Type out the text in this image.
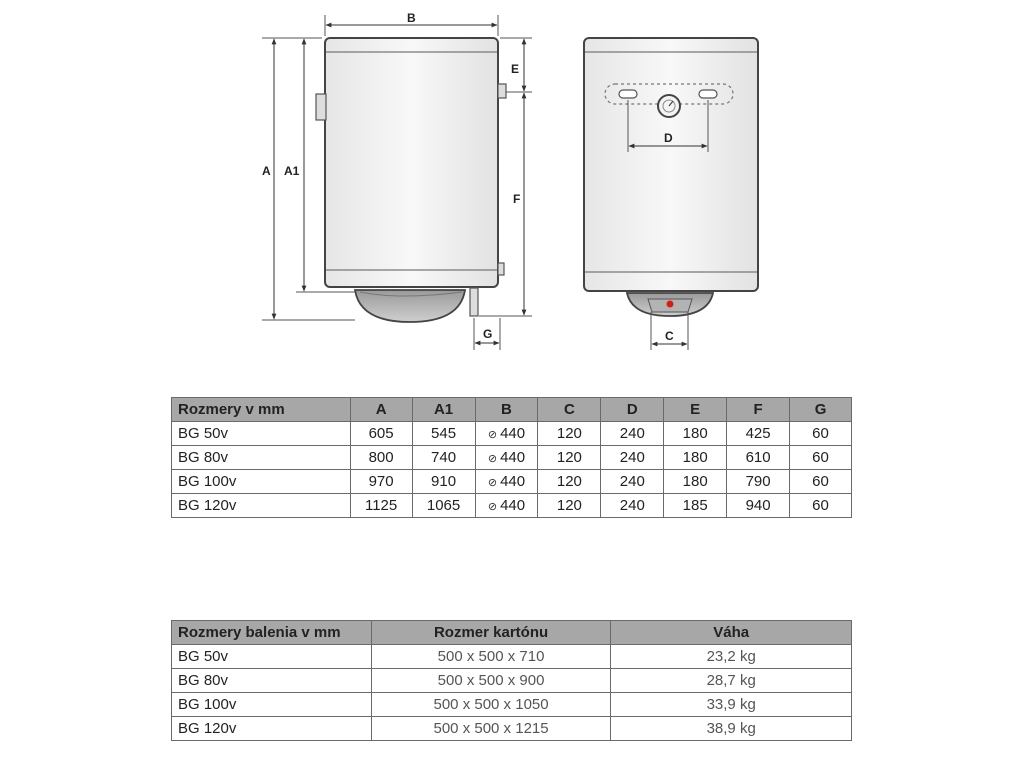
B
A A1
E
F
G
D
C
Rozmery v mm	A	A1	B	C	D	E	F	G
BG 50v	605	545	⊘ 440	120	240	180	425	60
BG 80v	800	740	⊘ 440	120	240	180	610	60
BG 100v	970	910	⊘ 440	120	240	180	790	60
BG 120v	1125	1065	⊘ 440	120	240	185	940	60
Rozmery balenia v mm	Rozmer kartónu	Váha
BG 50v	500 x 500 x 710	23,2 kg
BG 80v	500 x 500 x 900	28,7 kg
BG 100v	500 x 500 x 1050	33,9 kg
BG 120v	500 x 500 x 1215	38,9 kg
